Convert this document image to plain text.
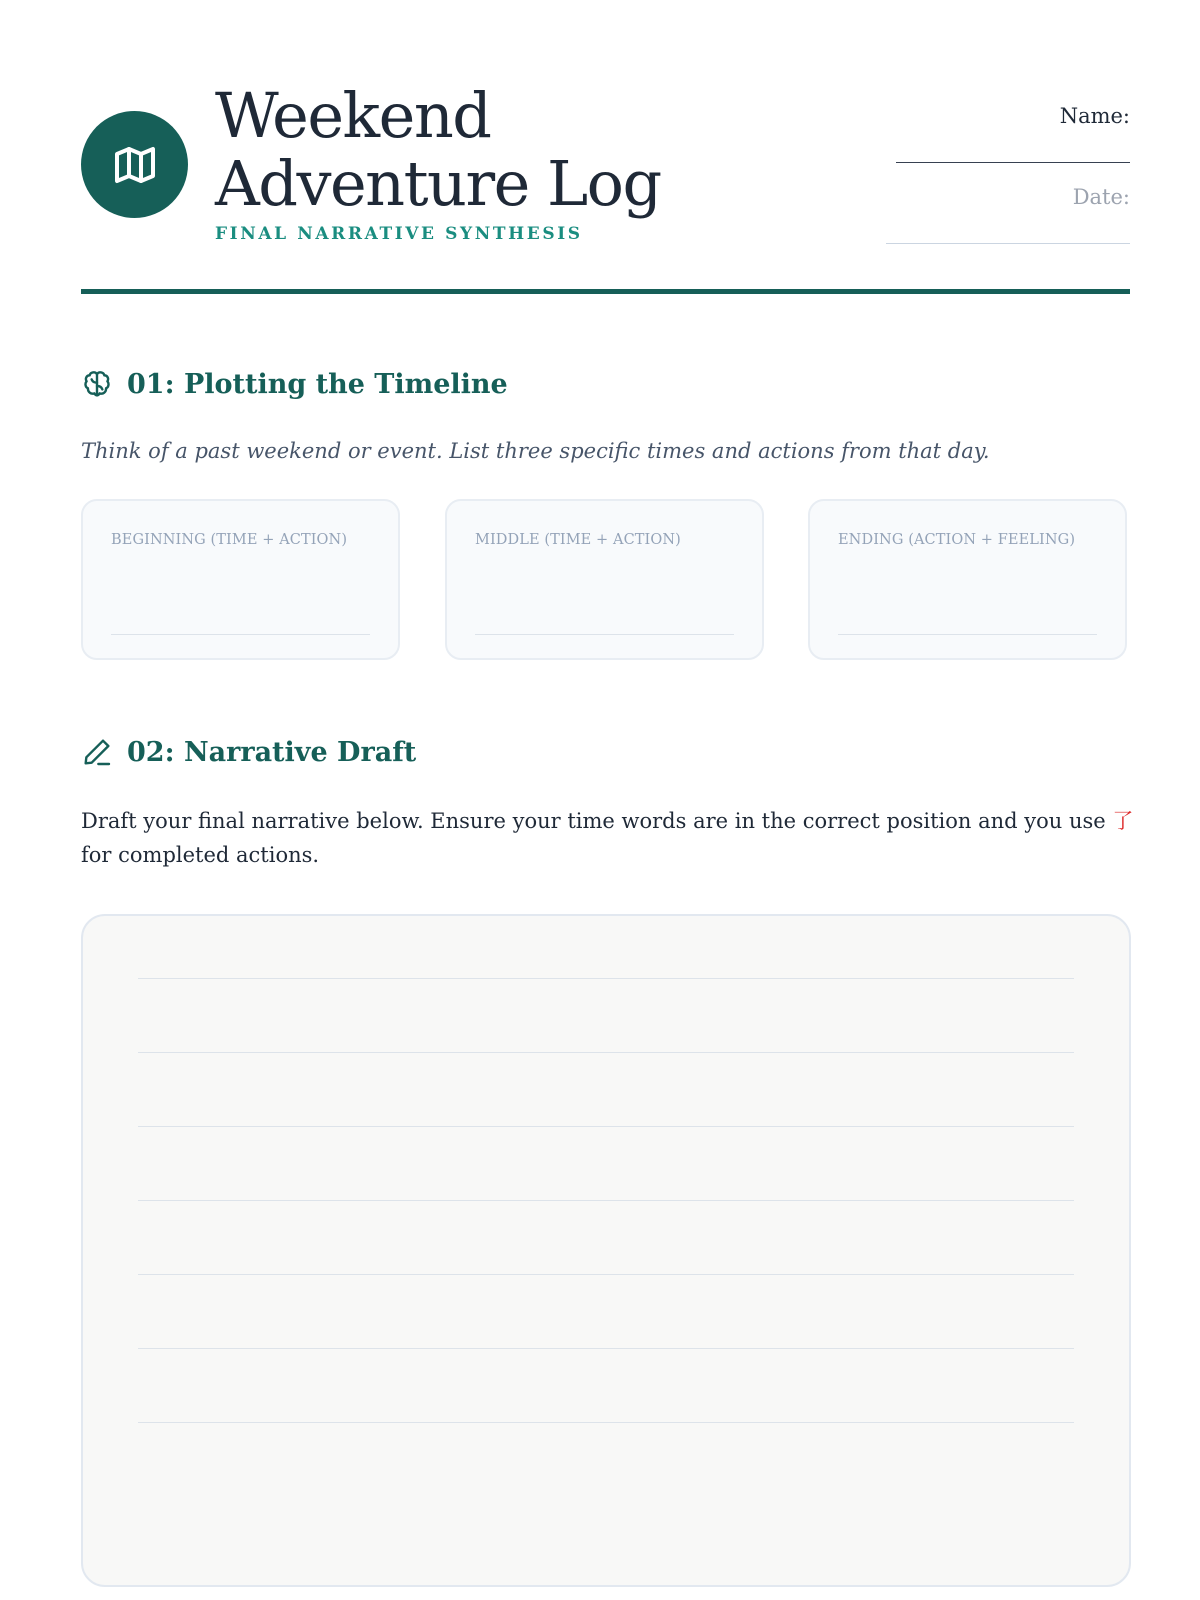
Weekend Adventure Log
FINAL NARRATIVE SYNTHESIS
Name:
Date:
01: Plotting the Timeline
Think of a past weekend or event. List three specific times and actions from that day.
BEGINNING (TIME + ACTION)	MIDDLE (TIME + ACTION)	ENDING (ACTION + FEELING)
02: Narrative Draft
Draft your final narrative below. Ensure your time words are in the correct position and you use 了 for completed actions.
